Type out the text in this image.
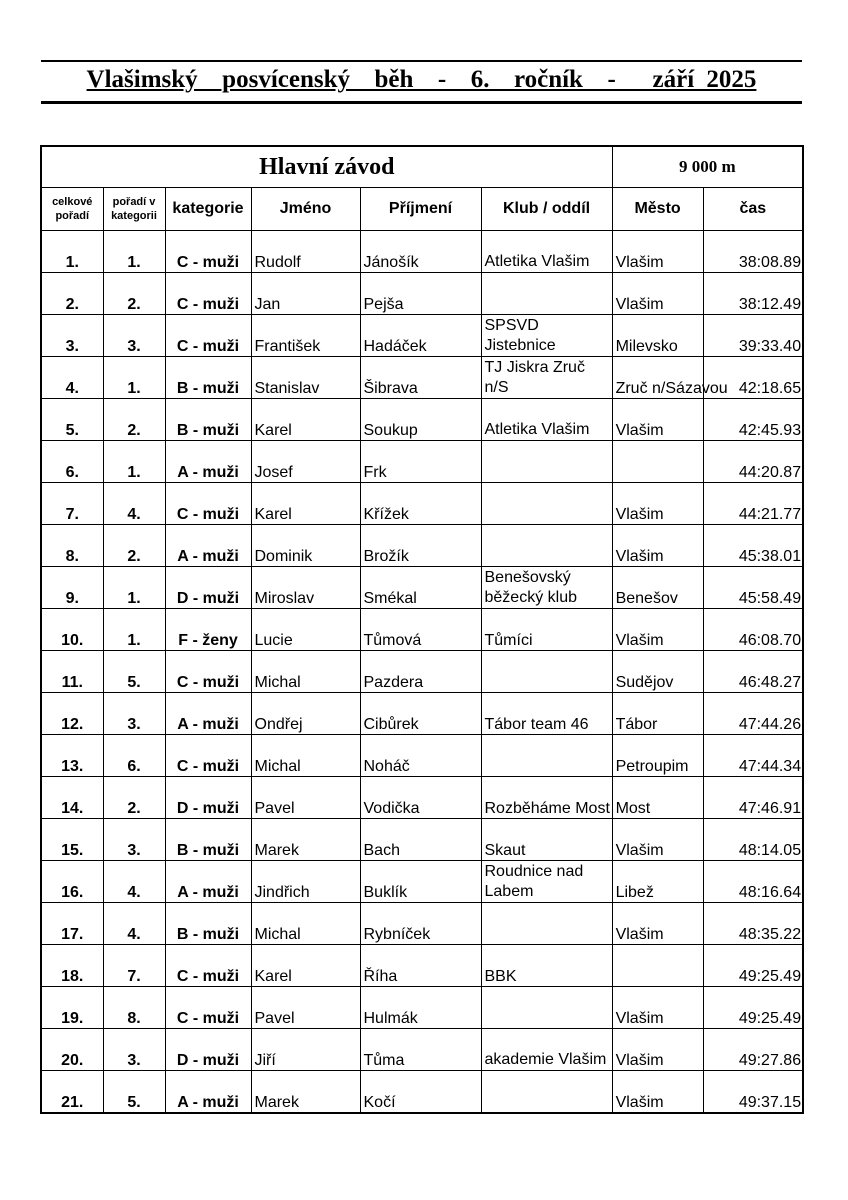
Vlašimský  posvícenský  běh  -  6.  ročník  -   září 2025
Hlavní závod						9 000 m	
celkové pořadí	pořadí v kategorii	kategorie	Jméno	Příjmení	Klub / oddíl	Město	čas
1.	1.	C - muži	Rudolf	Jánošík	Atletika Vlašim	Vlašim	38:08.89
2.	2.	C - muži	Jan	Pejša		Vlašim	38:12.49
3.	3.	C - muži	František	Hadáček	SPSVD Jistebnice	Milevsko	39:33.40
4.	1.	B - muži	Stanislav	Šibrava	TJ Jiskra Zruč n/S	Zruč n/Sázavou	42:18.65
5.	2.	B - muži	Karel	Soukup	Atletika Vlašim	Vlašim	42:45.93
6.	1.	A - muži	Josef	Frk			44:20.87
7.	4.	C - muži	Karel	Křížek		Vlašim	44:21.77
8.	2.	A - muži	Dominik	Brožík		Vlašim	45:38.01
9.	1.	D - muži	Miroslav	Smékal	Benešovský běžecký klub	Benešov	45:58.49
10.	1.	F - ženy	Lucie	Tůmová	Tůmíci	Vlašim	46:08.70
11.	5.	C - muži	Michal	Pazdera		Sudějov	46:48.27
12.	3.	A - muži	Ondřej	Cibůrek	Tábor team 46	Tábor	47:44.26
13.	6.	C - muži	Michal	Noháč		Petroupim	47:44.34
14.	2.	D - muži	Pavel	Vodička	Rozběháme Most	Most	47:46.91
15.	3.	B - muži	Marek	Bach	Skaut	Vlašim	48:14.05
16.	4.	A - muži	Jindřich	Buklík	Roudnice nad Labem	Libež	48:16.64
17.	4.	B - muži	Michal	Rybníček		Vlašim	48:35.22
18.	7.	C - muži	Karel	Říha	BBK		49:25.49
19.	8.	C - muži	Pavel	Hulmák		Vlašim	49:25.49
20.	3.	D - muži	Jiří	Tůma	akademie Vlašim	Vlašim	49:27.86
21.	5.	A - muži	Marek	Kočí		Vlašim	49:37.15
